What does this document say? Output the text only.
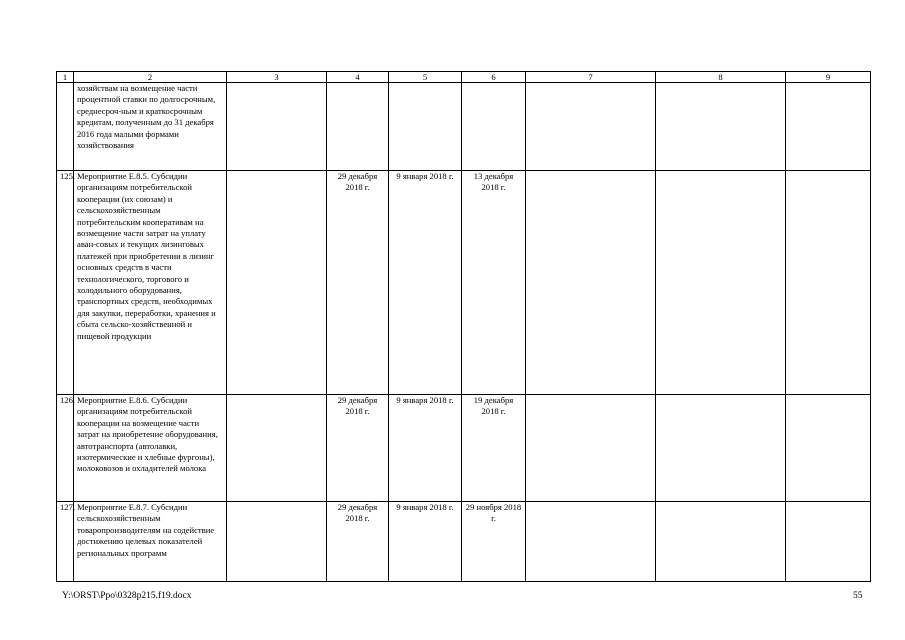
1	2	3	4	5	6	7	8	9
	хозяйствам на возмещение части процентной ставки по долгосрочным, среднесроч-ным и краткосрочным кредитам, полученным до 31 декабря 2016 года малыми формами хозяйствования							
125.	Мероприятие Е.8.5. Субсидии организациям потребительской кооперации (их союзам) и сельскохозяйственным потребительским кооперативам на возмещение части затрат на уплату аван-совых и текущих лизинговых платежей при приобретении в лизинг основных средств в части технологического, торгового и холодильного оборудования, транспортных средств, необходимых для закупки, переработки, хранения и сбыта сельско-хозяйственной и пищевой продукции		29 декабря 2018 г.	9 января 2018 г.	13 декабря 2018 г.			
126.	Мероприятие Е.8.6. Субсидии организациям потребительской кооперации на возмещение части затрат на приобретение оборудования, автотранспорта (автолавки, изотермические и хлебные фургоны), молоковозов и охладителей молока		29 декабря 2018 г.	9 января 2018 г.	19 декабря 2018 г.			
127.	Мероприятие Е.8.7. Субсидии сельскохозяйственным товаропроизводителям на содействие достижению целевых показателей региональных программ		29 декабря 2018 г.	9 января 2018 г.	29 ноября 2018 г.			
Y:\ORST\Ppo\0328p215.f19.docx	55
